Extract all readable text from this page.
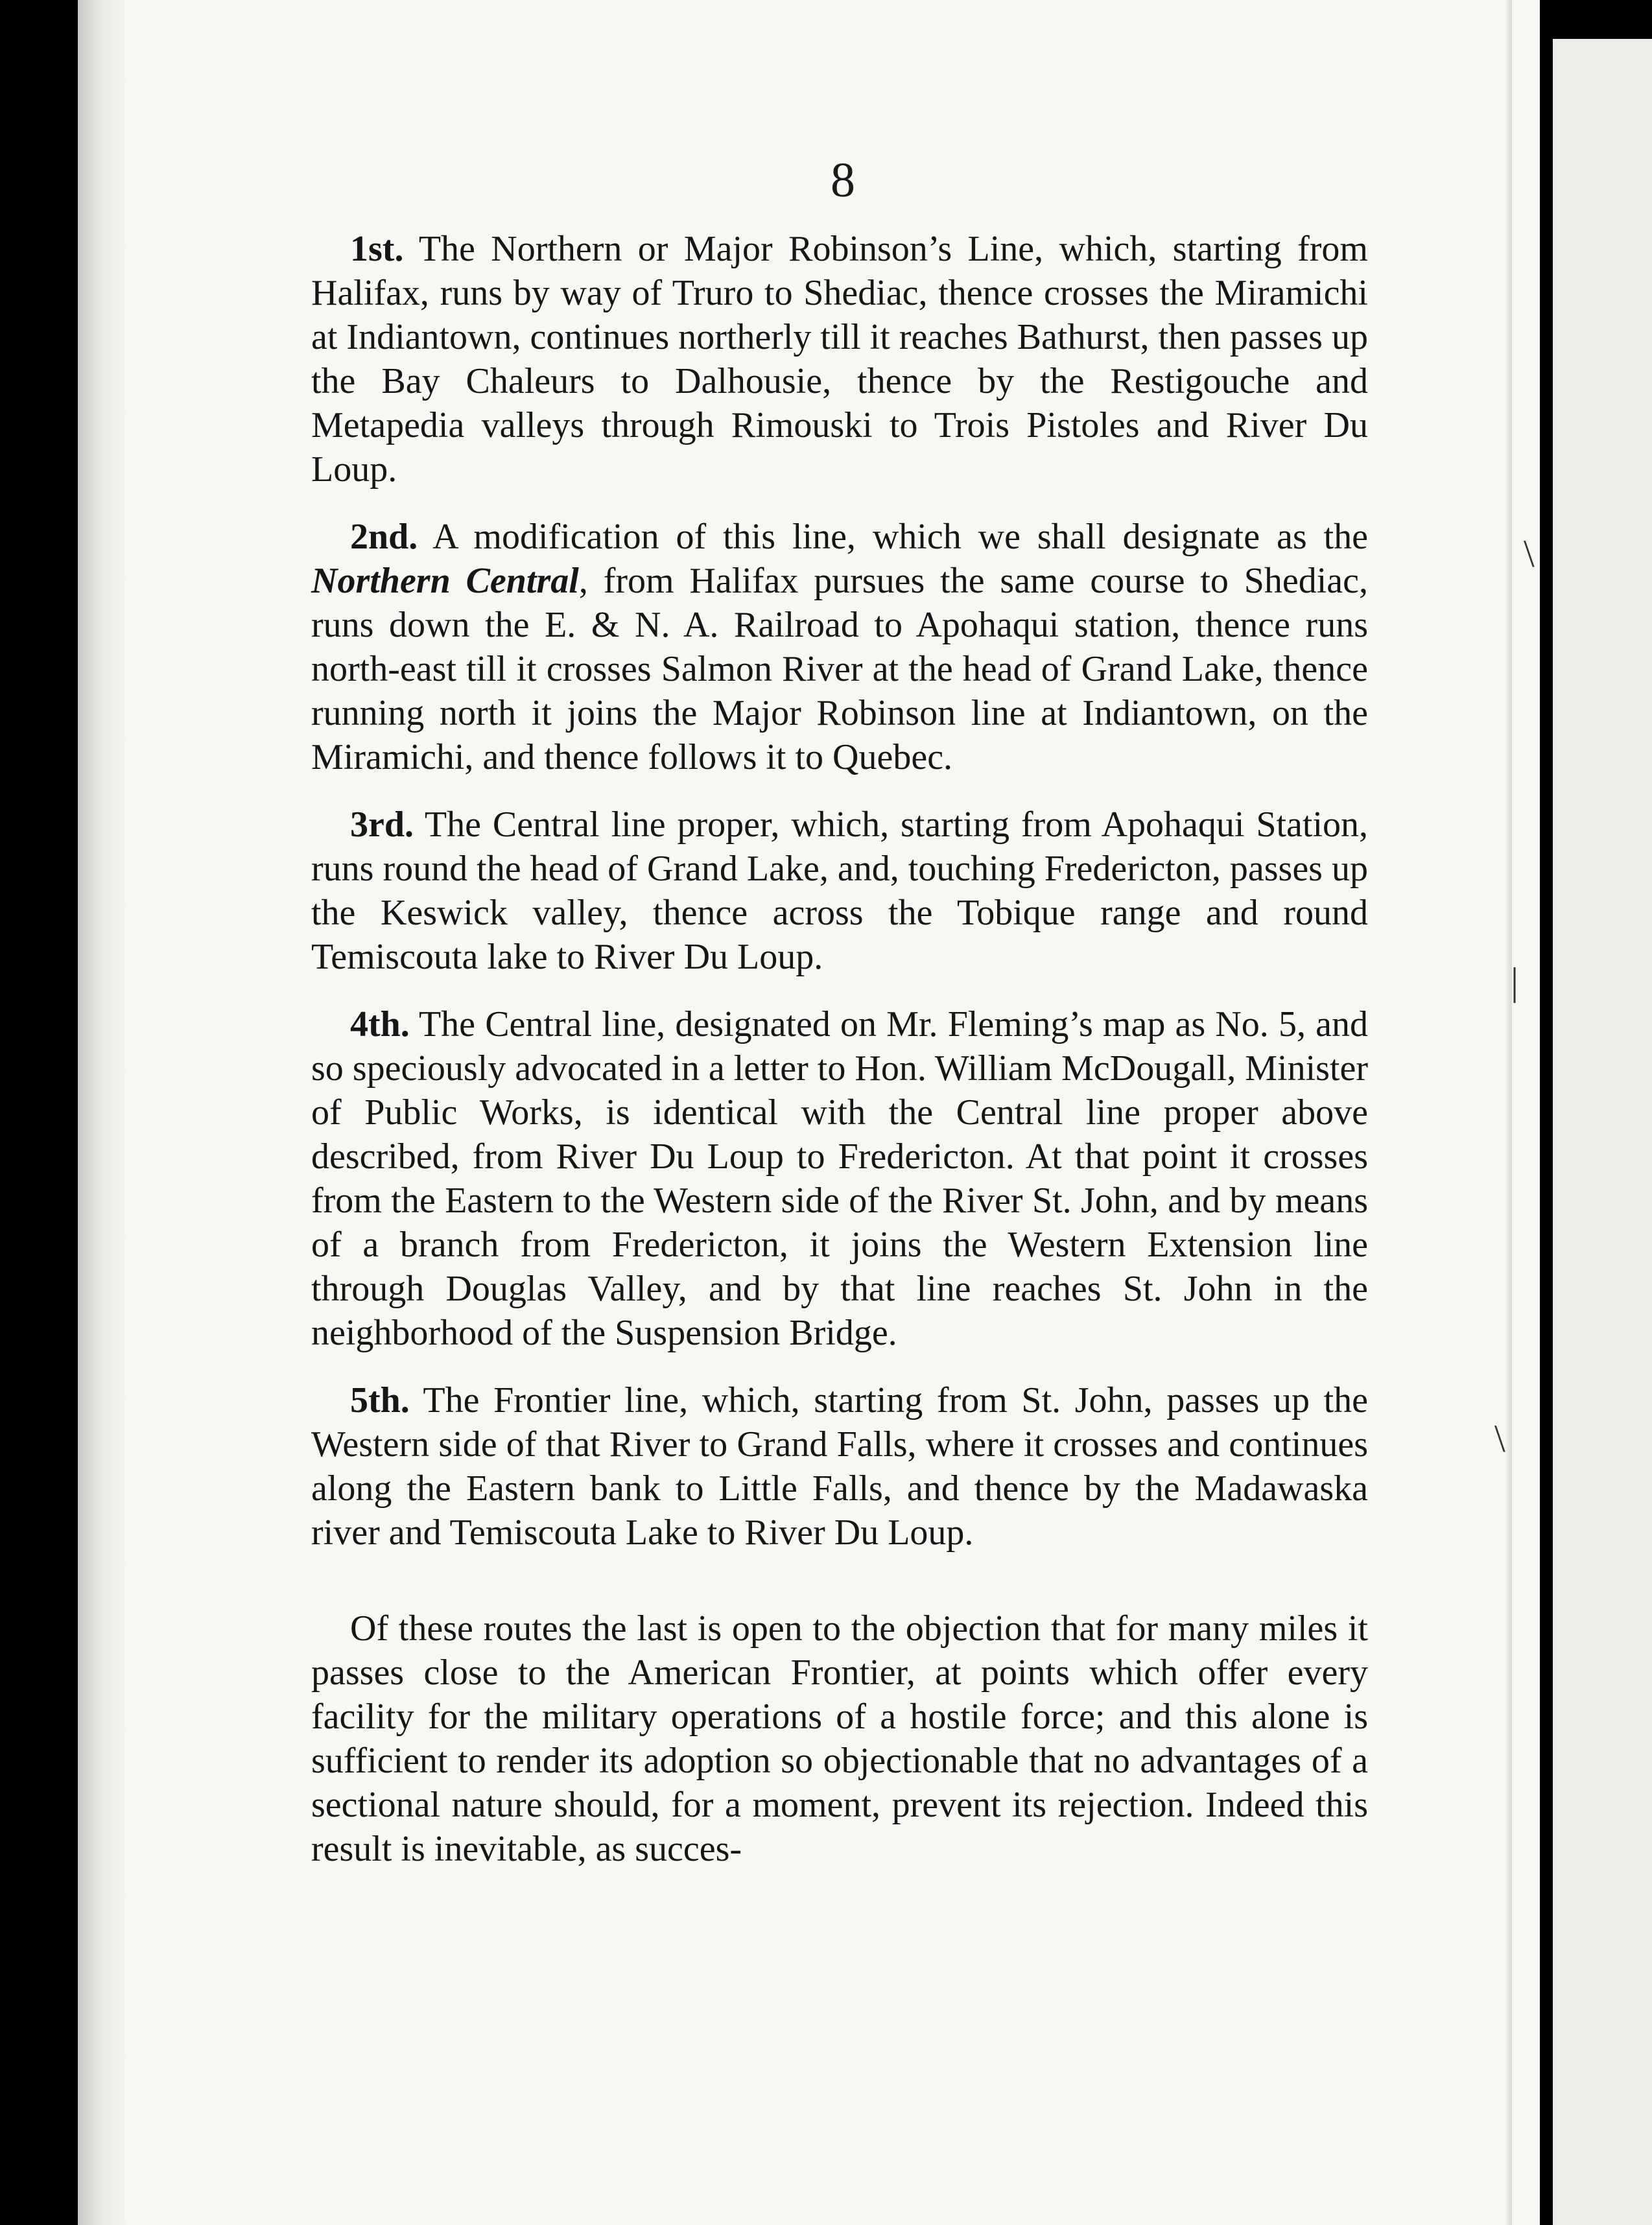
\
|
\
8

1st. The Northern or Major Robinson’s Line, which, starting from Halifax, runs by way of Truro to Shediac, thence crosses the Miramichi at Indiantown, continues northerly till it reaches Bathurst, then passes up the Bay Chaleurs to Dalhousie, thence by the Restigouche and Metapedia valleys through Rimouski to Trois Pistoles and River Du Loup.

2nd. A modification of this line, which we shall designate as the Northern Central, from Halifax pursues the same course to Shediac, runs down the E. & N. A. Railroad to Apohaqui station, thence runs north-east till it crosses Salmon River at the head of Grand Lake, thence running north it joins the Major Robinson line at Indiantown, on the Miramichi, and thence follows it to Quebec.

3rd. The Central line proper, which, starting from Apohaqui Station, runs round the head of Grand Lake, and, touching Fredericton, passes up the Keswick valley, thence across the Tobique range and round Temiscouta lake to River Du Loup.

4th. The Central line, designated on Mr. Fleming’s map as No. 5, and so speciously advocated in a letter to Hon. William McDougall, Minister of Public Works, is identical with the Central line proper above described, from River Du Loup to Fredericton. At that point it crosses from the Eastern to the Western side of the River St. John, and by means of a branch from Fredericton, it joins the Western Extension line through Douglas Valley, and by that line reaches St. John in the neighborhood of the Suspension Bridge.

5th. The Frontier line, which, starting from St. John, passes up the Western side of that River to Grand Falls, where it crosses and continues along the Eastern bank to Little Falls, and thence by the Madawaska river and Temiscouta Lake to River Du Loup.

Of these routes the last is open to the objection that for many miles it passes close to the American Frontier, at points which offer every facility for the military operations of a hostile force; and this alone is sufficient to render its adoption so objectionable that no advantages of a sectional nature should, for a moment, prevent its rejection. Indeed this result is inevitable, as succes-
